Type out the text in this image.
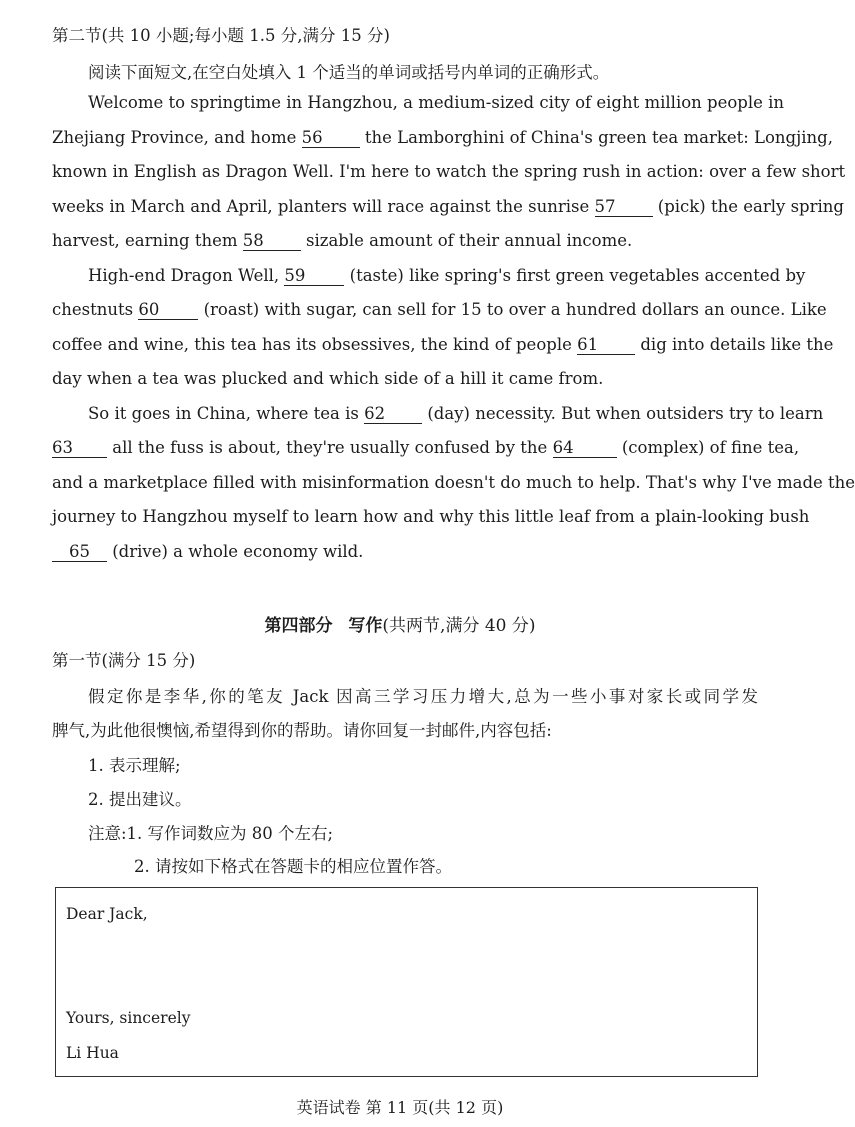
第二节(共 10 小题;每小题 1.5 分,满分 15 分)
阅读下面短文,在空白处填入 1 个适当的单词或括号内单词的正确形式。
Welcome to springtime in Hangzhou, a medium-sized city of eight million people in
Zhejiang Province, and home 56	the Lamborghini of China's green tea market: Longjing,
known in English as Dragon Well. I'm here to watch the spring rush in action: over a few short
weeks in March and April, planters will race against the sunrise 57	(pick) the early spring
harvest, earning them 58	sizable amount of their annual income.
High-end Dragon Well, 59	(taste) like spring's first green vegetables accented by
chestnuts 60	(roast) with sugar, can sell for 15 to over a hundred dollars an ounce. Like
coffee and wine, this tea has its obsessives, the kind of people 61	dig into details like the
day when a tea was plucked and which side of a hill it came from.
So it goes in China, where tea is 62	(day) necessity. But when outsiders try to learn
63 all the fuss is about, they're usually confused by the 64	(complex) of fine tea,
and a marketplace filled with misinformation doesn't do much to help. That's why I've made the
journey to Hangzhou myself to learn how and why this little leaf from a plain-looking bush
65 (drive) a whole economy wild.
第四部分 写作(共两节,满分 40 分)
第一节(满分 15 分)
假定你是李华,你的笔友 Jack 因高三学习压力增大,总为一些小事对家长或同学发
脾气,为此他很懊恼,希望得到你的帮助。请你回复一封邮件,内容包括:
1. 表示理解;
2. 提出建议。
注意:1. 写作词数应为 80 个左右;
2. 请按如下格式在答题卡的相应位置作答。
Dear Jack,
Yours, sincerely
Li Hua
英语试卷 第 11 页(共 12 页)
